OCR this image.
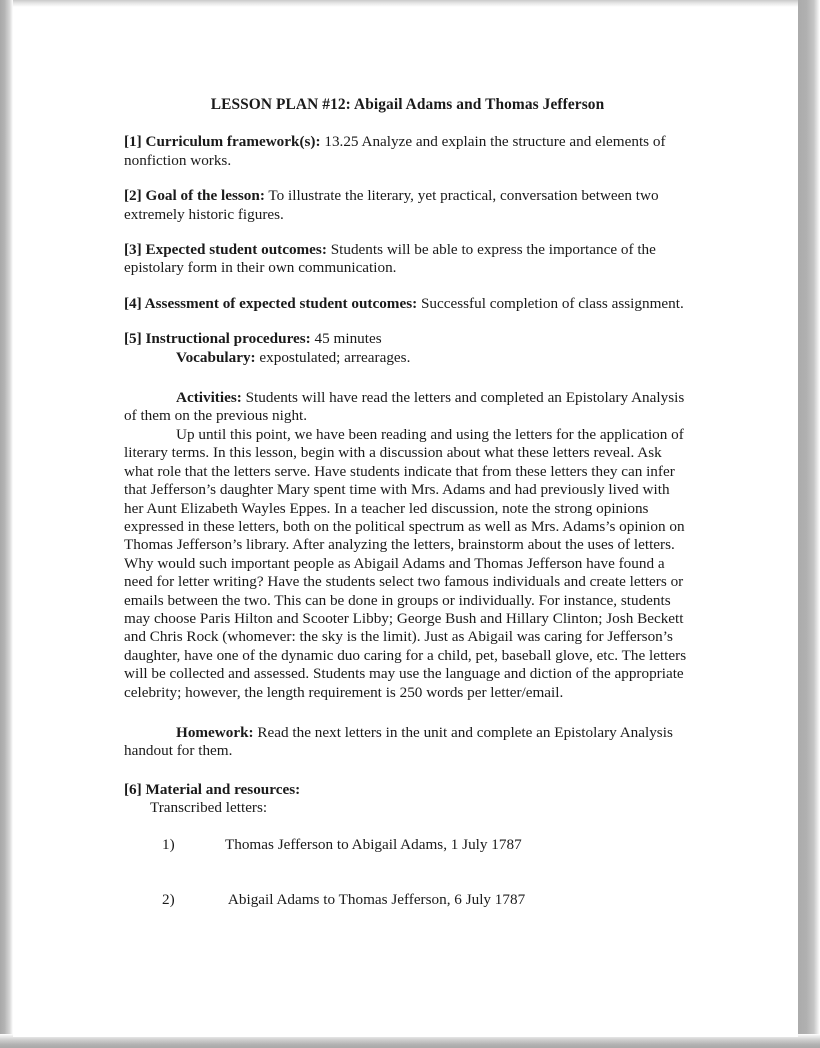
LESSON PLAN #12: Abigail Adams and Thomas Jefferson

[1] Curriculum framework(s): 13.25 Analyze and explain the structure and elements of nonfiction works.

[2] Goal of the lesson: To illustrate the literary, yet practical, conversation between two extremely historic figures.

[3] Expected student outcomes: Students will be able to express the importance of the epistolary form in their own communication.

[4] Assessment of expected student outcomes: Successful completion of class assignment.

[5] Instructional procedures: 45 minutes

Vocabulary: expostulated; arrearages.

Activities: Students will have read the letters and completed an Epistolary Analysis of them on the previous night.

Up until this point, we have been reading and using the letters for the application of literary terms. In this lesson, begin with a discussion about what these letters reveal. Ask what role that the letters serve. Have students indicate that from these letters they can infer that Jefferson’s daughter Mary spent time with Mrs. Adams and had previously lived with her Aunt Elizabeth Wayles Eppes. In a teacher led discussion, note the strong opinions expressed in these letters, both on the political spectrum as well as Mrs. Adams’s opinion on Thomas Jefferson’s library. After analyzing the letters, brainstorm about the uses of letters. Why would such important people as Abigail Adams and Thomas Jefferson have found a need for letter writing? Have the students select two famous individuals and create letters or emails between the two. This can be done in groups or individually. For instance, students may choose Paris Hilton and Scooter Libby; George Bush and Hillary Clinton; Josh Beckett and Chris Rock (whomever: the sky is the limit). Just as Abigail was caring for Jefferson’s daughter, have one of the dynamic duo caring for a child, pet, baseball glove, etc. The letters will be collected and assessed. Students may use the language and diction of the appropriate celebrity; however, the length requirement is 250 words per letter/email.

Homework: Read the next letters in the unit and complete an Epistolary Analysis handout for them.

[6] Material and resources:

Transcribed letters:

1)	Thomas Jefferson to Abigail Adams, 1 July 1787

2)	Abigail Adams to Thomas Jefferson, 6 July 1787
